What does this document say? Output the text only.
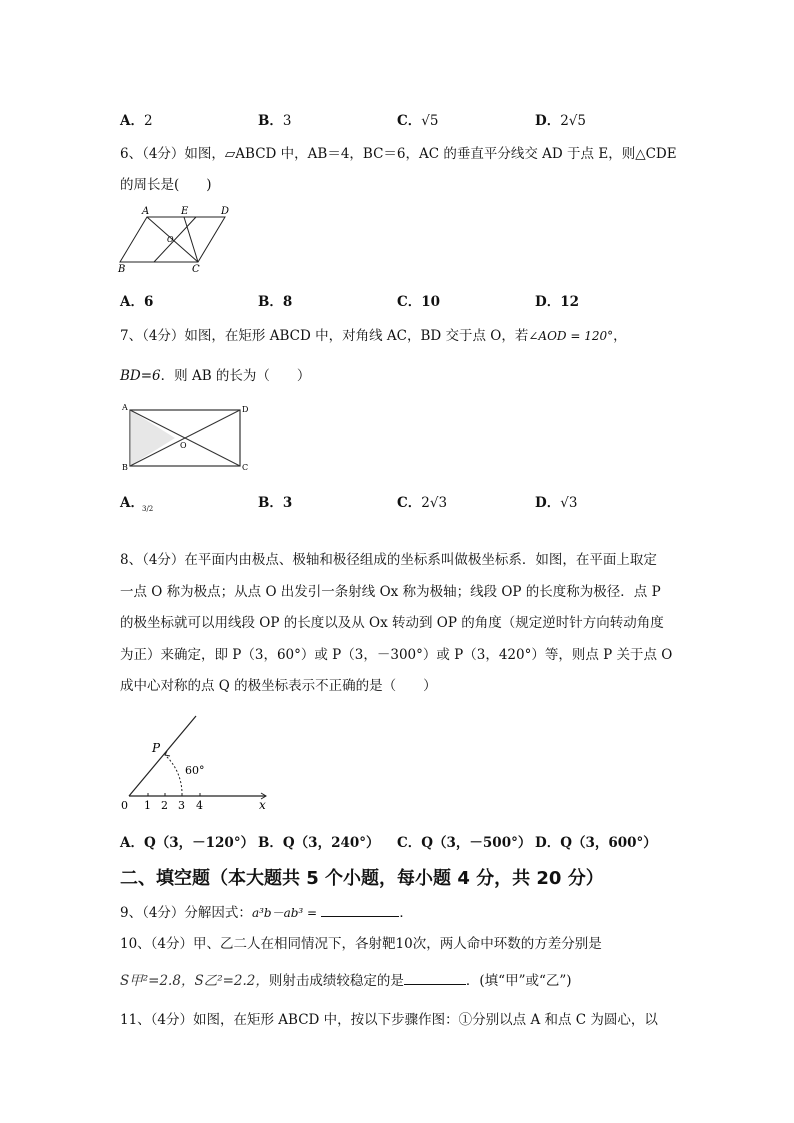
A．2	B．3	C．√5	D．2√5
6、（4分）如图，▱ABCD 中，AB＝4，BC＝6，AC 的垂直平分线交 AD 于点 E，则△CDE
的周长是(　　)
A	E	D
O
B	C
A．6	B．8	C．10	D．12
7、（4分）如图，在矩形 ABCD 中，对角线 AC，BD 交于点 O，若∠AOD = 120°，
BD=6．则 AB 的长为（　　）
A	D
O
B	C
A．
3/2	B．3	C．2√3	D．√3
8、（4分）在平面内由极点、极轴和极径组成的坐标系叫做极坐标系．如图，在平面上取定
一点 O 称为极点；从点 O 出发引一条射线 Ox 称为极轴；线段 OP 的长度称为极径．点 P
的极坐标就可以用线段 OP 的长度以及从 Ox 转动到 OP 的角度（规定逆时针方向转动角度
为正）来确定，即 P（3，60°）或 P（3，－300°）或 P（3，420°）等，则点 P 关于点 O
成中心对称的点 Q 的极坐标表示不正确的是（　　）
P
60°
0 1 2 3 4	x
A．Q（3，－120°） B．Q（3，240°） C．Q（3，－500°） D．Q（3，600°）
二、填空题（本大题共 5 个小题，每小题 4 分，共 20 分）
9、（4分）分解因式：a³b－ab³ =	．
10、（4分）甲、乙二人在相同情况下，各射靶10次，两人命中环数的方差分别是
S甲²=2.8，S乙²=2.2，则射击成绩较稳定的是	．(填“甲”或“乙”)
11、（4分）如图，在矩形 ABCD 中，按以下步骤作图：①分别以点 A 和点 C 为圆心，以
